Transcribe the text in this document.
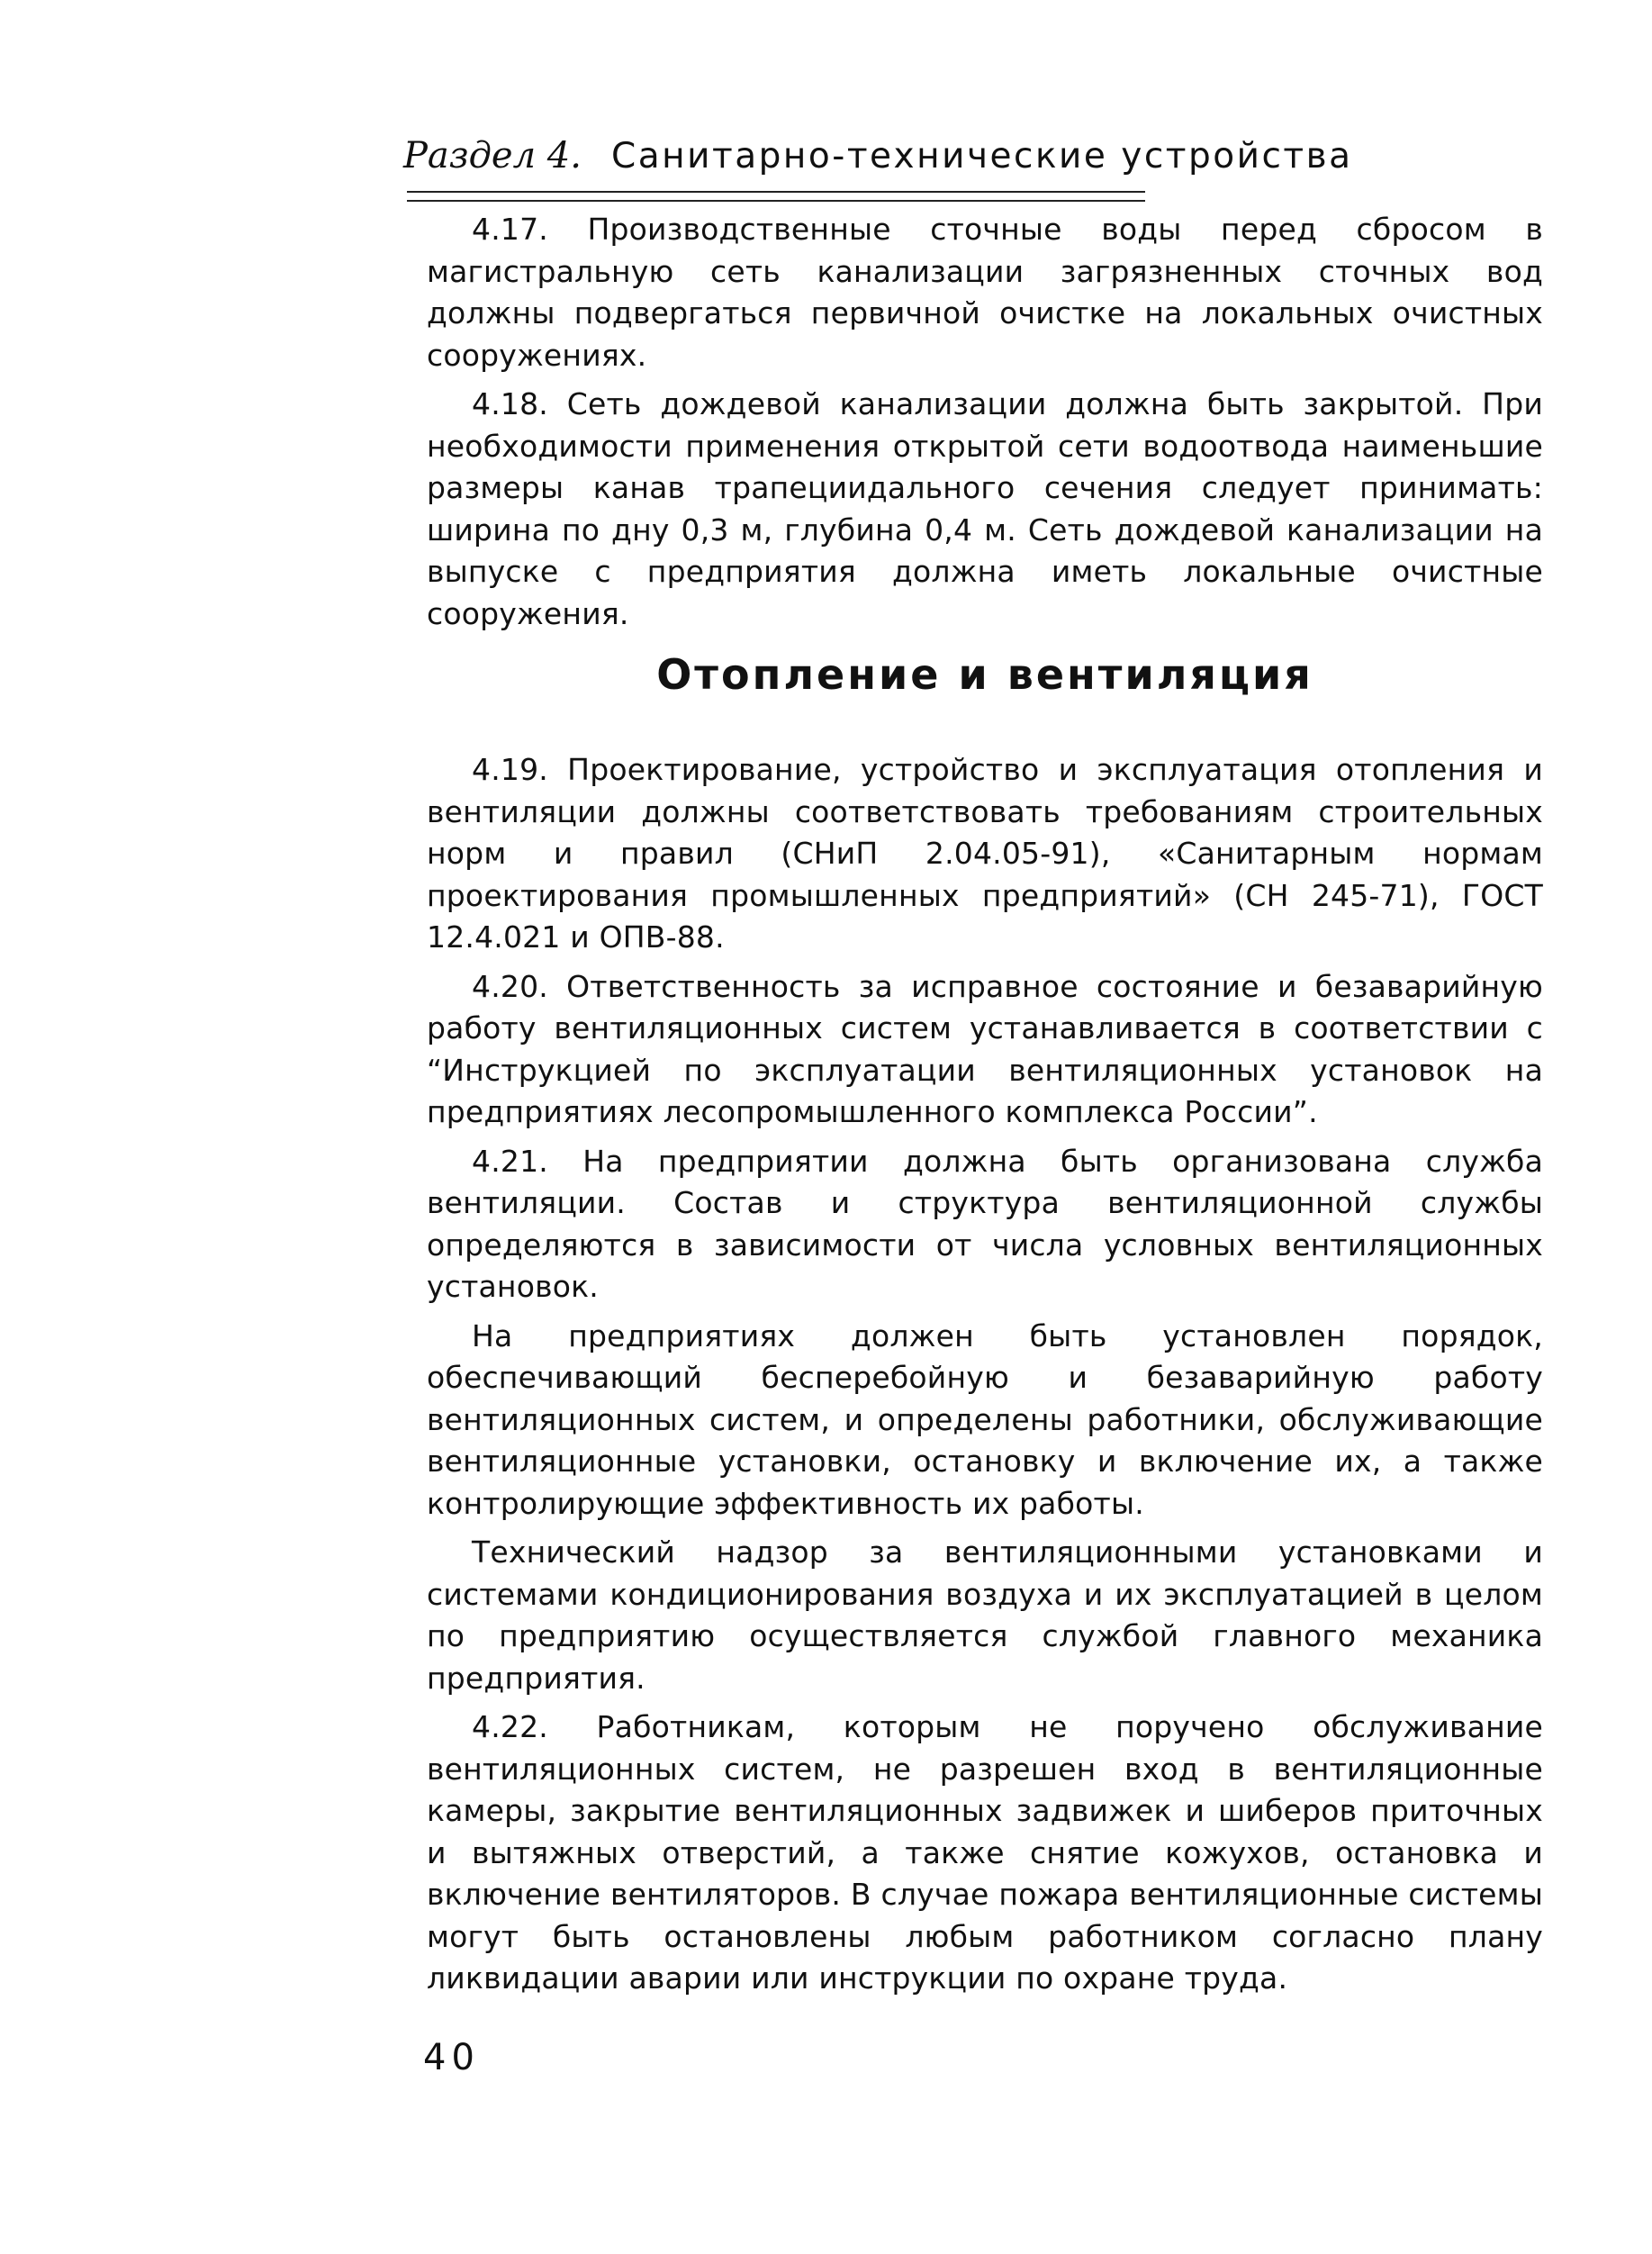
Раздел 4. Санитарно-технические устройства

4.17. Производственные сточные воды перед сбросом в магистральную сеть канализации загрязненных сточных вод должны подвергаться первичной очистке на локальных очистных сооружениях.

4.18. Сеть дождевой канализации должна быть закрытой. При необходимости применения открытой сети водоотвода наименьшие размеры канав трапециидального сечения следует принимать: ширина по дну 0,3 м, глубина 0,4 м. Сеть дождевой канализации на выпуске с предприятия должна иметь локальные очистные сооружения.

Отопление и вентиляция

4.19. Проектирование, устройство и эксплуатация отопления и вентиляции должны соответствовать требованиям строительных норм и правил (СНиП 2.04.05-91), «Санитарным нормам проектирования промышленных предприятий» (СН 245-71), ГОСТ 12.4.021 и ОПВ-88.

4.20. Ответственность за исправное состояние и безаварийную работу вентиляционных систем устанавливается в соответствии с “Инструкцией по эксплуатации вентиляционных установок на предприятиях лесопромышленного комплекса России”.

4.21. На предприятии должна быть организована служба вентиляции. Состав и структура вентиляционной службы определяются в зависимости от числа условных вентиляционных установок.

На предприятиях должен быть установлен порядок, обеспечивающий бесперебойную и безаварийную работу вентиляционных систем, и определены работники, обслуживающие вентиляционные установки, остановку и включение их, а также контролирующие эффективность их работы.

Технический надзор за вентиляционными установками и системами кондиционирования воздуха и их эксплуатацией в целом по предприятию осуществляется службой главного механика предприятия.

4.22. Работникам, которым не поручено обслуживание вентиляционных систем, не разрешен вход в вентиляционные камеры, закрытие вентиляционных задвижек и шиберов приточных и вытяжных отверстий, а также снятие кожухов, остановка и включение вентиляторов. В случае пожара вентиляционные системы могут быть остановлены любым работником согласно плану ликвидации аварии или инструкции по охране труда.

40
